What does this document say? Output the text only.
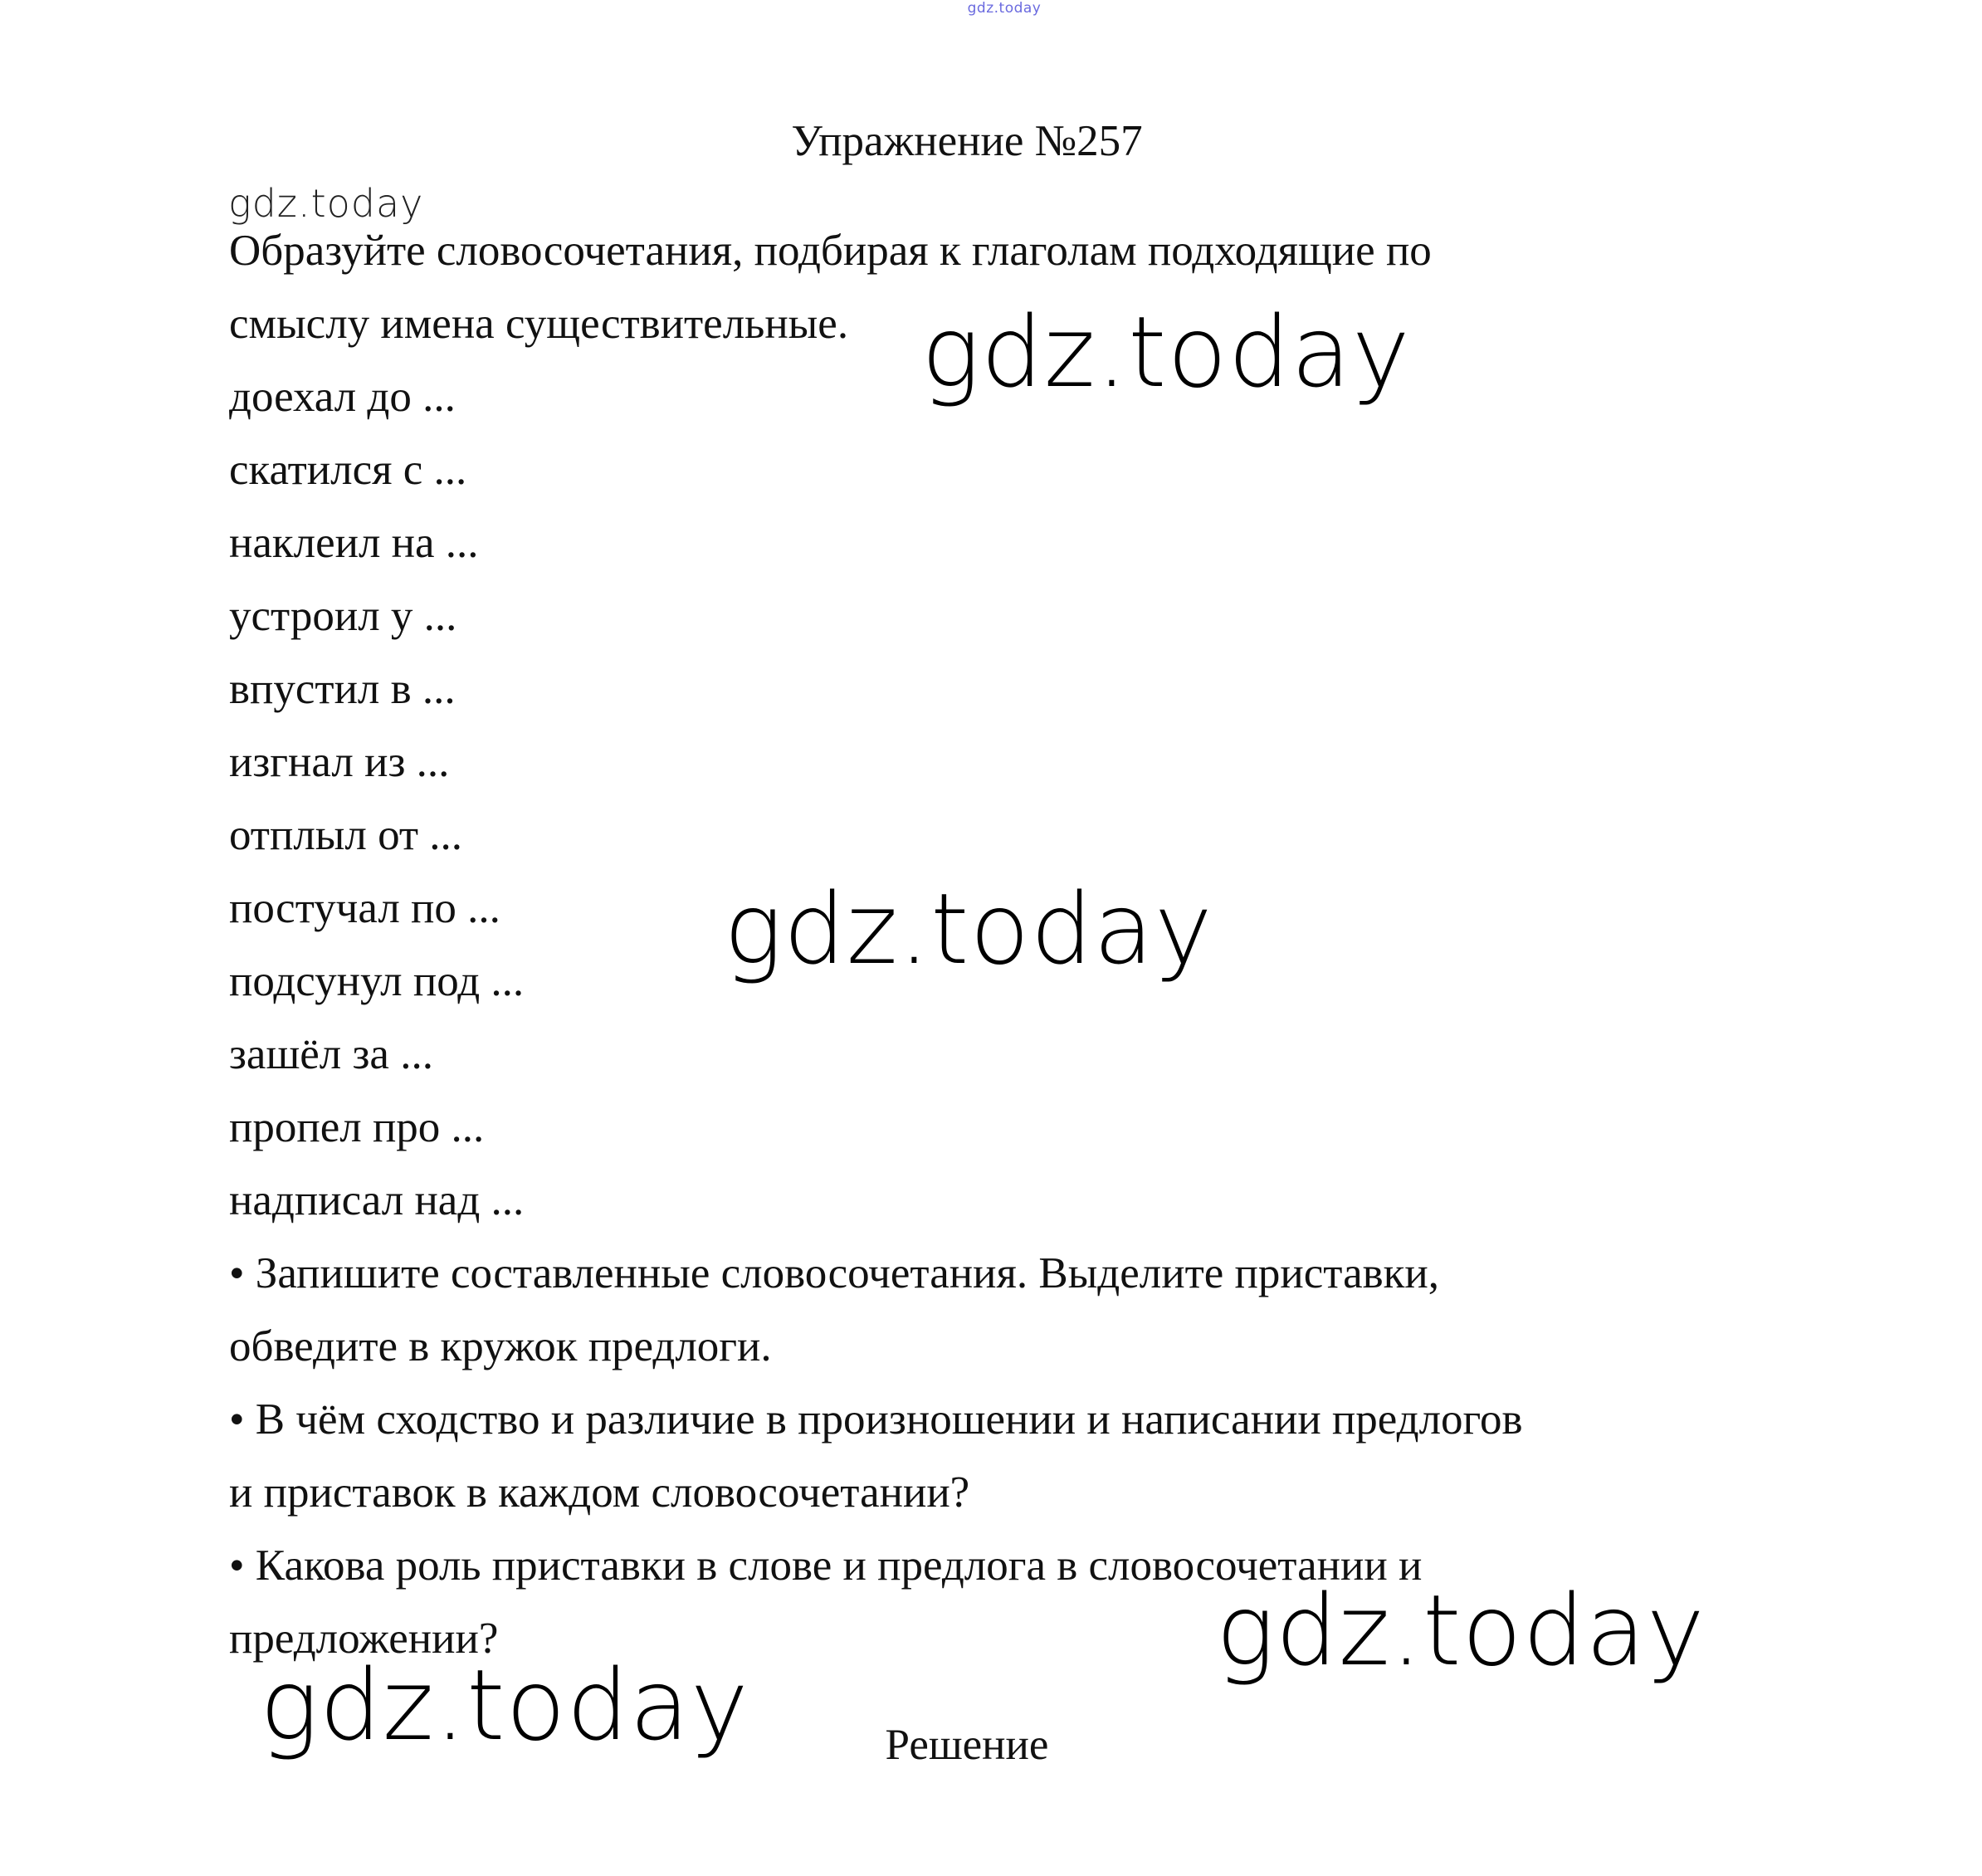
gdz.today
Упражнение №257
gdz.today
Образуйте словосочетания, подбирая к глаголам подходящие по
смыслу имена существительные.
доехал до ...
скатился с ...
наклеил на ...
устроил у ...
впустил в ...
изгнал из ...
отплыл от ...
постучал по ...
подсунул под ...
зашёл за ...
пропел про ...
надписал над ...
• Запишите составленные словосочетания. Выделите приставки,
обведите в кружок предлоги.
• В чём сходство и различие в произношении и написании предлогов
и приставок в каждом словосочетании?
• Какова роль приставки в слове и предлога в словосочетании и
предложении?
gdz.today
gdz.today
gdz.today
gdz.today	Решение
